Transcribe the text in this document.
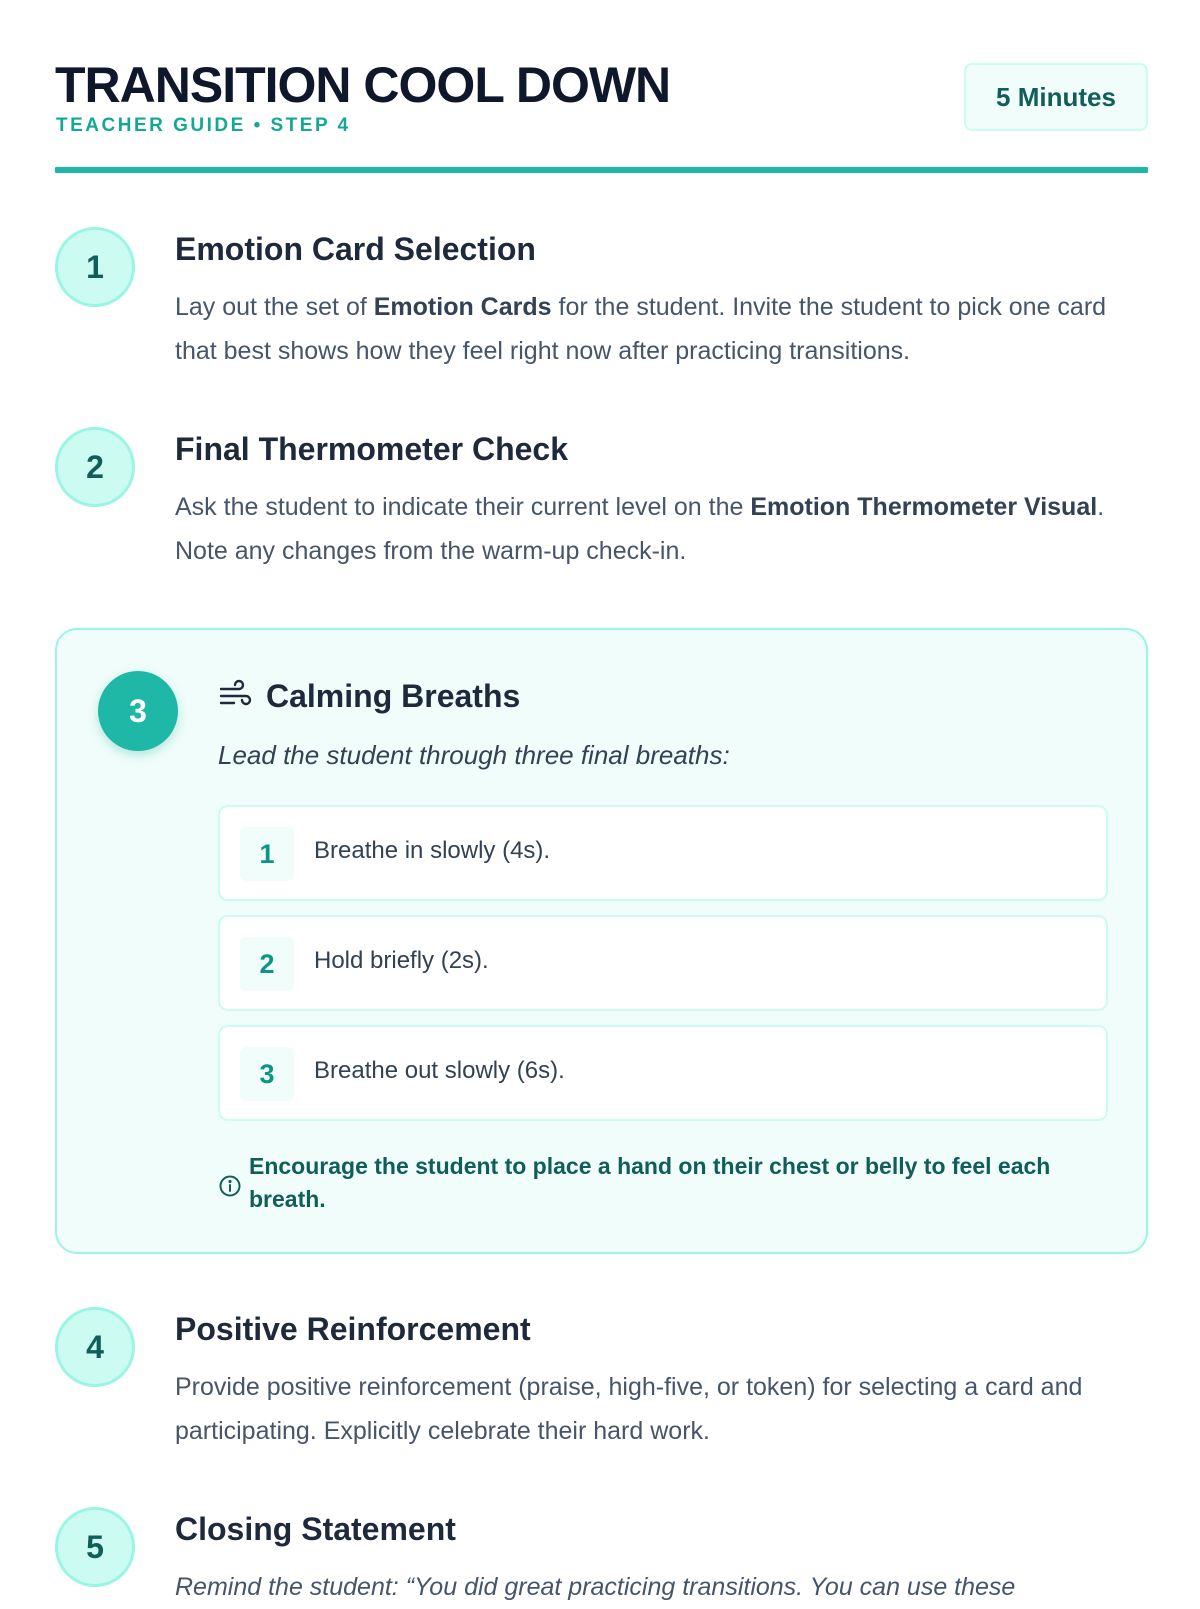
TRANSITION COOL DOWN
TEACHER GUIDE • STEP 4
5 Minutes
1	Emotion Card Selection
Lay out the set of Emotion Cards for the student. Invite the student to pick one card that best shows how they feel right now after practicing transitions.
2	Final Thermometer Check
Ask the student to indicate their current level on the Emotion Thermometer Visual. Note any changes from the warm-up check-in.
3	Calming Breaths
Lead the student through three final breaths:
1	Breathe in slowly (4s).
2	Hold briefly (2s).
3	Breathe out slowly (6s).
Encourage the student to place a hand on their chest or belly to feel each breath.
4	Positive Reinforcement
Provide positive reinforcement (praise, high-five, or token) for selecting a card and participating. Explicitly celebrate their hard work.
5	Closing Statement
Remind the student: “You did great practicing transitions. You can use these
